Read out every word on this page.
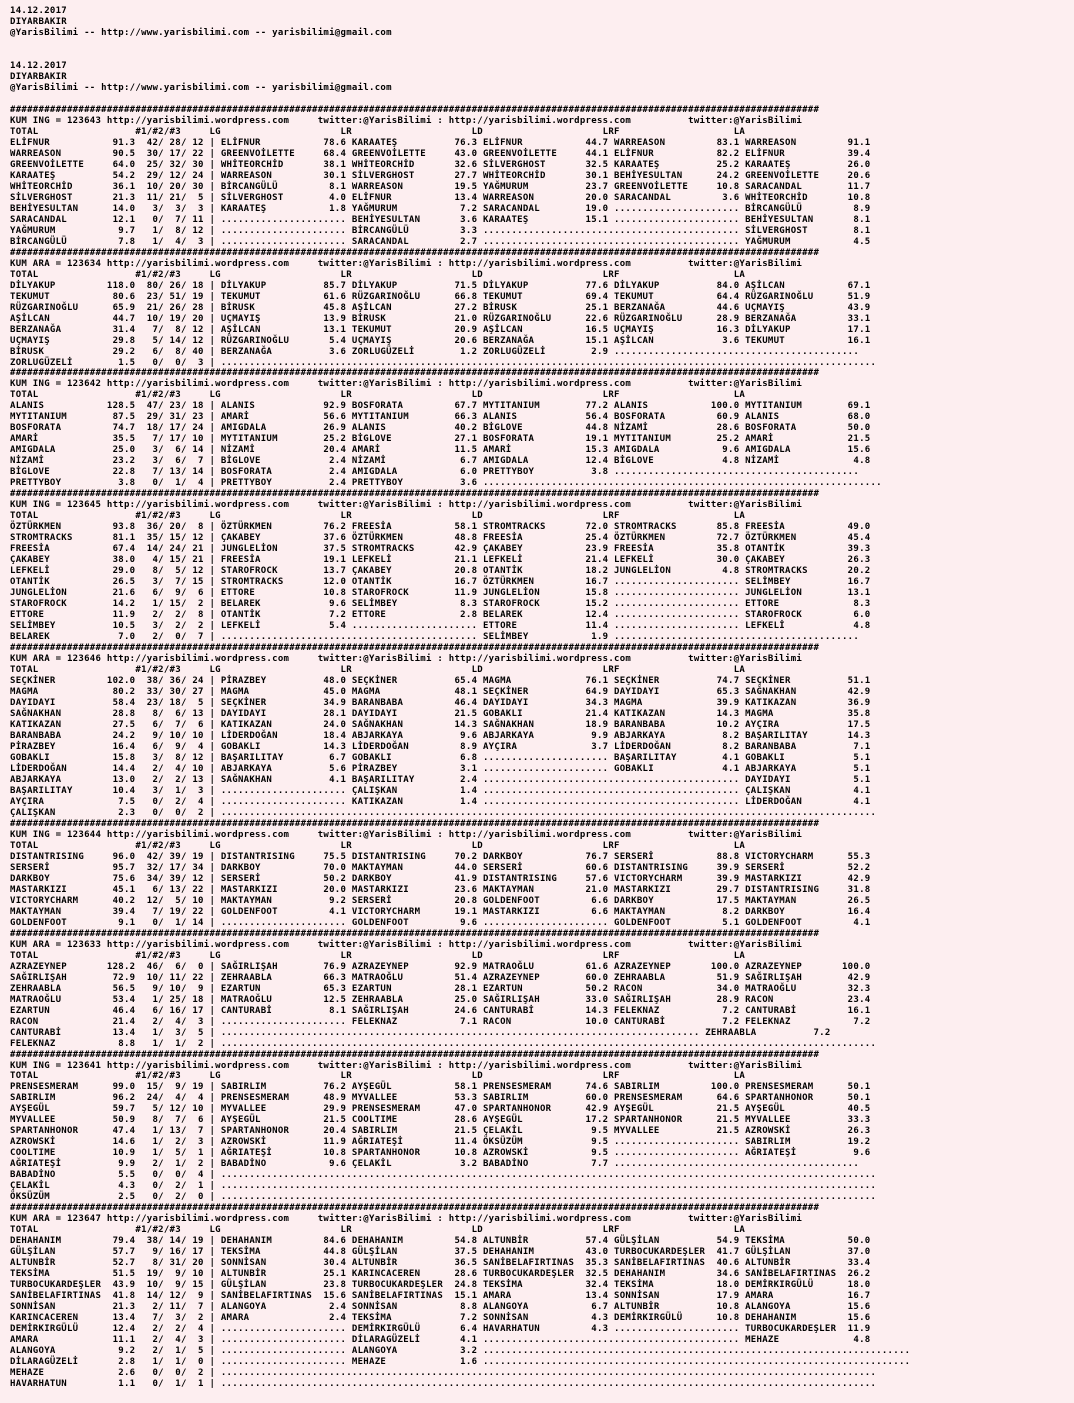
14.12.2017
DIYARBAKIR
@YarisBilimi -- http://www.yarisbilimi.com -- yarisbilimi@gmail.com

14.12.2017
DIYARBAKIR
@YarisBilimi -- http://www.yarisbilimi.com -- yarisbilimi@gmail.com

##############################################################################################################################################
KUM ING = 123643 http://yarisbilimi.wordpress.com     twitter:@YarisBilimi : http://yarisbilimi.wordpress.com          twitter:@YarisBilimi
TOTAL                 #1/#2/#3     LG                     LR                     LD                     LRF                    LA
ELİFNUR           91.3  42/ 28/ 12 | ELİFNUR           78.6 KARAATEŞ          76.3 ELİFNUR           44.7 WARREASON         83.1 WARREASON         91.1
WARREASON         90.5  30/ 17/ 22 | GREENVOİLETTE     68.4 GREENVOİLETTE     43.0 GREENVOİLETTE     44.1 ELİFNUR           82.2 ELİFNUR           39.4
GREENVOİLETTE     64.0  25/ 32/ 30 | WHİTEORCHİD       38.1 WHİTEORCHİD       32.6 SİLVERGHOST       32.5 KARAATEŞ          25.2 KARAATEŞ          26.0
KARAATEŞ          54.2  29/ 12/ 24 | WARREASON         30.1 SİLVERGHOST       27.7 WHİTEORCHİD       30.1 BEHİYESULTAN      24.2 GREENVOİLETTE     20.6
WHİTEORCHİD       36.1  10/ 20/ 30 | BİRCANGÜLÜ         8.1 WARREASON         19.5 YAĞMURUM          23.7 GREENVOİLETTE     10.8 SARACANDAL        11.7
SİLVERGHOST       21.3  11/ 21/  5 | SİLVERGHOST        4.0 ELİFNUR           13.4 WARREASON         20.0 SARACANDAL         3.6 WHİTEORCHİD       10.8
BEHİYESULTAN      14.0   3/  3/  3 | KARAATEŞ           1.8 YAĞMURUM           7.2 SARACANDAL        19.0 ...................... BİRCANGÜLÜ         8.9
SARACANDAL        12.1   0/  7/ 11 | ...................... BEHİYESULTAN       3.6 KARAATEŞ          15.1 ...................... BEHİYESULTAN       8.1
YAĞMURUM           9.7   1/  8/ 12 | ...................... BİRCANGÜLÜ         3.3 ............................................. SİLVERGHOST        8.1
BİRCANGÜLÜ         7.8   1/  4/  3 | ...................... SARACANDAL         2.7 ............................................. YAĞMURUM           4.5
##############################################################################################################################################
KUM ARA = 123634 http://yarisbilimi.wordpress.com     twitter:@YarisBilimi : http://yarisbilimi.wordpress.com          twitter:@YarisBilimi
TOTAL                 #1/#2/#3     LG                     LR                     LD                     LRF                    LA
DİLYAKUP         118.0  80/ 26/ 18 | DİLYAKUP          85.7 DİLYAKUP          71.5 DİLYAKUP          77.6 DİLYAKUP          84.0 AŞİLCAN           67.1
TEKUMUT           80.6  23/ 51/ 19 | TEKUMUT           61.6 RÜZGARINOĞLU      66.8 TEKUMUT           69.4 TEKUMUT           64.4 RÜZGARINOĞLU      51.9
RÜZGARINOĞLU      65.9  21/ 26/ 28 | BİRUSK            45.8 AŞİLCAN           27.2 BİRUSK            25.1 BERZANAĞA         44.6 UÇMAYIŞ           43.9
AŞİLCAN           44.7  10/ 19/ 20 | UÇMAYIŞ           13.9 BİRUSK            21.0 RÜZGARINOĞLU      22.6 RÜZGARINOĞLU      28.9 BERZANAĞA         33.1
BERZANAĞA         31.4   7/  8/ 12 | AŞİLCAN           13.1 TEKUMUT           20.9 AŞİLCAN           16.5 UÇMAYIŞ           16.3 DİLYAKUP          17.1
UÇMAYIŞ           29.8   5/ 14/ 12 | RÜZGARINOĞLU       5.4 UÇMAYIŞ           20.6 BERZANAĞA         15.1 AŞİLCAN            3.6 TEKUMUT           16.1
BİRUSK            29.2   6/  8/ 40 | BERZANAĞA          3.6 ZORLUGÜZELİ        1.2 ZORLUGÜZELİ        2.9 ...........................................
ZORLUGÜZELİ        1.5   0/  0/  3 | ...................................................................................................................
##############################################################################################################################################
KUM ING = 123642 http://yarisbilimi.wordpress.com     twitter:@YarisBilimi : http://yarisbilimi.wordpress.com          twitter:@YarisBilimi
TOTAL                 #1/#2/#3     LG                     LR                     LD                     LRF                    LA
ALANIS           128.5  47/ 23/ 18 | ALANIS            92.9 BOSFORATA         67.7 MYTITANIUM        77.2 ALANIS           100.0 MYTITANIUM        69.1
MYTITANIUM        87.5  29/ 31/ 23 | AMARİ             56.6 MYTITANIUM        66.3 ALANIS            56.4 BOSFORATA         60.9 ALANIS            68.0
BOSFORATA         74.7  18/ 17/ 24 | AMIGDALA          26.9 ALANIS            40.2 BİGLOVE           44.8 NİZAMİ            28.6 BOSFORATA         50.0
AMARİ             35.5   7/ 17/ 10 | MYTITANIUM        25.2 BİGLOVE           27.1 BOSFORATA         19.1 MYTITANIUM        25.2 AMARİ             21.5
AMIGDALA          25.0   3/  6/ 14 | NİZAMİ            20.4 AMARİ             11.5 AMARİ             15.3 AMIGDALA           9.6 AMIGDALA          15.6
NİZAMİ            23.2   3/  6/  7 | BİGLOVE            2.4 NİZAMİ             6.7 AMIGDALA          12.4 BİGLOVE            4.8 NİZAMİ             4.8
BİGLOVE           22.8   7/ 13/ 14 | BOSFORATA          2.4 AMIGDALA           6.0 PRETTYBOY          3.8 ...........................................
PRETTYBOY          3.8   0/  1/  4 | PRETTYBOY          2.4 PRETTYBOY          3.6 ......................................................................
##############################################################################################################################################
KUM ING = 123645 http://yarisbilimi.wordpress.com     twitter:@YarisBilimi : http://yarisbilimi.wordpress.com          twitter:@YarisBilimi
TOTAL                 #1/#2/#3     LG                     LR                     LD                     LRF                    LA
ÖZTÜRKMEN         93.8  36/ 20/  8 | ÖZTÜRKMEN         76.2 FREESİA           58.1 STROMTRACKS       72.0 STROMTRACKS       85.8 FREESİA           49.0
STROMTRACKS       81.1  35/ 15/ 12 | ÇAKABEY           37.6 ÖZTÜRKMEN         48.8 FREESİA           25.4 ÖZTÜRKMEN         72.7 ÖZTÜRKMEN         45.4
FREESİA           67.4  14/ 24/ 21 | JUNGLELİON        37.5 STROMTRACKS       42.9 ÇAKABEY           23.9 FREESİA           35.8 OTANTİK           39.3
ÇAKABEY           38.0   4/ 15/ 21 | FREESİA           19.1 LEFKELİ           21.1 LEFKELİ           21.4 LEFKELİ           30.0 ÇAKABEY           26.3
LEFKELİ           29.0   8/  5/ 12 | STAROFROCK        13.7 ÇAKABEY           20.8 OTANTİK           18.2 JUNGLELİON         4.8 STROMTRACKS       20.2
OTANTİK           26.5   3/  7/ 15 | STROMTRACKS       12.0 OTANTİK           16.7 ÖZTÜRKMEN         16.7 ...................... SELİMBEY          16.7
JUNGLELİON        21.6   6/  9/  6 | ETTORE            10.8 STAROFROCK        11.9 JUNGLELİON        15.8 ...................... JUNGLELİON        13.1
STAROFROCK        14.2   1/ 15/  2 | BELAREK            9.6 SELİMBEY           8.3 STAROFROCK        15.2 ...................... ETTORE             8.3
ETTORE            11.9   2/  2/  8 | OTANTİK            7.2 ETTORE             2.8 BELAREK           12.4 ...................... STAROFROCK         6.0
SELİMBEY          10.5   3/  2/  2 | LEFKELİ            5.4 ...................... ETTORE            11.4 ...................... LEFKELİ            4.8
BELAREK            7.0   2/  0/  7 | ............................................. SELİMBEY           1.9 ...........................................
##############################################################################################################################################
KUM ARA = 123646 http://yarisbilimi.wordpress.com     twitter:@YarisBilimi : http://yarisbilimi.wordpress.com          twitter:@YarisBilimi
TOTAL                 #1/#2/#3     LG                     LR                     LD                     LRF                    LA
SEÇKİNER         102.0  38/ 36/ 24 | PİRAZBEY          48.0 SEÇKİNER          65.4 MAGMA             76.1 SEÇKİNER          74.7 SEÇKİNER          51.1
MAGMA             80.2  33/ 30/ 27 | MAGMA             45.0 MAGMA             48.1 SEÇKİNER          64.9 DAYIDAYI          65.3 SAĞNAKHAN         42.9
DAYIDAYI          58.4  23/ 18/  5 | SEÇKİNER          34.9 BARANBABA         46.4 DAYIDAYI          34.3 MAGMA             39.9 KATIKAZAN         36.9
SAĞNAKHAN         28.8   8/  6/ 13 | DAYIDAYI          28.1 DAYIDAYI          21.5 GOBAKLI           21.4 KATIKAZAN         14.3 MAGMA             35.8
KATIKAZAN         27.5   6/  7/  6 | KATIKAZAN         24.0 SAĞNAKHAN         14.3 SAĞNAKHAN         18.9 BARANBABA         10.2 AYÇIRA            17.5
BARANBABA         24.2   9/ 10/ 10 | LİDERDOĞAN        18.4 ABJARKAYA          9.6 ABJARKAYA          9.9 ABJARKAYA          8.2 BAŞARILITAY       14.3
PİRAZBEY          16.4   6/  9/  4 | GOBAKLI           14.3 LİDERDOĞAN         8.9 AYÇIRA             3.7 LİDERDOĞAN         8.2 BARANBABA          7.1
GOBAKLI           15.8   3/  8/ 12 | BAŞARILITAY        6.7 GOBAKLI            6.8 ...................... BAŞARILITAY        4.1 GOBAKLI            5.1
LİDERDOĞAN        14.4   2/  4/ 10 | ABJARKAYA          5.6 PİRAZBEY           3.1 ...................... GOBAKLI            4.1 ABJARKAYA          5.1
ABJARKAYA         13.0   2/  2/ 13 | SAĞNAKHAN          4.1 BAŞARILITAY        2.4 ............................................. DAYIDAYI           5.1
BAŞARILITAY       10.4   3/  1/  3 | ...................... ÇALIŞKAN           1.4 ............................................. ÇALIŞKAN           4.1
AYÇIRA             7.5   0/  2/  4 | ...................... KATIKAZAN          1.4 ............................................. LİDERDOĞAN         4.1
ÇALIŞKAN           2.3   0/  0/  2 | ...................................................................................................................
##############################################################################################################################################
KUM ING = 123644 http://yarisbilimi.wordpress.com     twitter:@YarisBilimi : http://yarisbilimi.wordpress.com          twitter:@YarisBilimi
TOTAL                 #1/#2/#3     LG                     LR                     LD                     LRF                    LA
DISTANTRISING     96.0  42/ 39/ 19 | DISTANTRISING     75.5 DISTANTRISING     70.2 DARKBOY           76.7 SERSERİ           88.8 VICTORYCHARM      55.3
SERSERİ           95.7  32/ 17/ 34 | DARKBOY           70.0 MAKTAYMAN         44.0 SERSERİ           60.6 DISTANTRISING     39.9 SERSERİ           52.2
DARKBOY           75.6  34/ 39/ 12 | SERSERİ           50.2 DARKBOY           41.9 DISTANTRISING     57.6 VICTORYCHARM      39.9 MASTARKIZI        42.9
MASTARKIZI        45.1   6/ 13/ 22 | MASTARKIZI        20.0 MASTARKIZI        23.6 MAKTAYMAN         21.0 MASTARKIZI        29.7 DISTANTRISING     31.8
VICTORYCHARM      40.2  12/  5/ 10 | MAKTAYMAN          9.2 SERSERİ           20.8 GOLDENFOOT         6.6 DARKBOY           17.5 MAKTAYMAN         26.5
MAKTAYMAN         39.4   7/ 19/ 22 | GOLDENFOOT         4.1 VICTORYCHARM      19.1 MASTARKIZI         6.6 MAKTAYMAN          8.2 DARKBOY           16.4
GOLDENFOOT         9.1   0/  1/ 14 | ...................... GOLDENFOOT         9.6 ...................... GOLDENFOOT         5.1 GOLDENFOOT         4.1
##############################################################################################################################################
KUM ARA = 123633 http://yarisbilimi.wordpress.com     twitter:@YarisBilimi : http://yarisbilimi.wordpress.com          twitter:@YarisBilimi
TOTAL                 #1/#2/#3     LG                     LR                     LD                     LRF                    LA
AZRAZEYNEP       128.2  46/  6/  0 | SAĞIRLIŞAH        76.9 AZRAZEYNEP        92.9 MATRAOĞLU         61.6 AZRAZEYNEP       100.0 AZRAZEYNEP       100.0
SAĞIRLIŞAH        72.9  10/ 11/ 22 | ZEHRAABLA         66.3 MATRAOĞLU         51.4 AZRAZEYNEP        60.0 ZEHRAABLA         51.9 SAĞIRLIŞAH        42.9
ZEHRAABLA         56.5   9/ 10/  9 | EZARTUN           65.3 EZARTUN           28.1 EZARTUN           50.2 RACON             34.0 MATRAOĞLU         32.3
MATRAOĞLU         53.4   1/ 25/ 18 | MATRAOĞLU         12.5 ZEHRAABLA         25.0 SAĞIRLIŞAH        33.0 SAĞIRLIŞAH        28.9 RACON             23.4
EZARTUN           46.4   6/ 16/ 17 | CANTURABİ          8.1 SAĞIRLIŞAH        24.6 CANTURABİ         14.3 FELEKNAZ           7.2 CANTURABİ         16.1
RACON             21.4   2/  4/  3 | ...................... FELEKNAZ           7.1 RACON             10.0 CANTURABİ          7.2 FELEKNAZ           7.2
CANTURABİ         13.4   1/  3/  5 | .................................................................................... ZEHRAABLA          7.2
FELEKNAZ           8.8   1/  1/  2 | ...................................................................................................................
##############################################################################################################################################
KUM ING = 123641 http://yarisbilimi.wordpress.com     twitter:@YarisBilimi : http://yarisbilimi.wordpress.com          twitter:@YarisBilimi
TOTAL                 #1/#2/#3     LG                     LR                     LD                     LRF                    LA
PRENSESMERAM      99.0  15/  9/ 19 | SABIRLIM          76.2 AYŞEGÜL           58.1 PRENSESMERAM      74.6 SABIRLIM         100.0 PRENSESMERAM      50.1
SABIRLIM          96.2  24/  4/  4 | PRENSESMERAM      48.9 MYVALLEE          53.3 SABIRLIM          60.0 PRENSESMERAM      64.6 SPARTANHONOR      50.1
AYŞEGÜL           59.7   5/ 12/ 10 | MYVALLEE          29.9 PRENSESMERAM      47.0 SPARTANHONOR      42.9 AYŞEGÜL           21.5 AYŞEGÜL           40.5
MYVALLEE          50.9   8/  7/  6 | AYŞEGÜL           21.5 COOLTIME          28.6 AYŞEGÜL           17.2 SPARTANHONOR      21.5 MYVALLEE          33.3
SPARTANHONOR      47.4   1/ 13/  7 | SPARTANHONOR      20.4 SABIRLIM          21.5 ÇELAKİL            9.5 MYVALLEE          21.5 AZROWSKİ          26.3
AZROWSKİ          14.6   1/  2/  3 | AZROWSKİ          11.9 AĞRIATEŞİ         11.4 ÖKSÜZÜM            9.5 ...................... SABIRLIM          19.2
COOLTIME          10.9   1/  5/  1 | AĞRIATEŞİ         10.8 SPARTANHONOR      10.8 AZROWSKİ           9.5 ...................... AĞRIATEŞİ          9.6
AĞRIATEŞİ          9.9   2/  1/  2 | BABADİNO           9.6 ÇELAKİL            3.2 BABADİNO           7.7 ...........................................
BABADİNO           5.5   0/  0/  4 | ...................................................................................................................
ÇELAKİL            4.3   0/  2/  1 | ...................................................................................................................
ÖKSÜZÜM            2.5   0/  2/  0 | ...................................................................................................................
##############################################################################################################################################
KUM ARA = 123647 http://yarisbilimi.wordpress.com     twitter:@YarisBilimi : http://yarisbilimi.wordpress.com          twitter:@YarisBilimi
TOTAL                 #1/#2/#3     LG                     LR                     LD                     LRF                    LA
DEHAHANIM         79.4  38/ 14/ 19 | DEHAHANIM         84.6 DEHAHANIM         54.8 ALTUNBİR          57.4 GÜLŞİLAN          54.9 TEKSİMA           50.0
GÜLŞİLAN          57.7   9/ 16/ 17 | TEKSİMA           44.8 GÜLŞİLAN          37.5 DEHAHANIM         43.0 TURBOCUKARDEŞLER  41.7 GÜLŞİLAN          37.0
ALTUNBİR          52.7   8/ 31/ 20 | SONNİSAN          30.4 ALTUNBİR          36.5 SANİBELAFIRTINAS  35.3 SANİBELAFIRTINAS  40.6 ALTUNBİR          33.4
TEKSİMA           51.5  19/  9/ 10 | ALTUNBİR          25.1 KARINCACEREN      28.6 TURBOCUKARDEŞLER  32.5 DEHAHANIM         34.6 SANİBELAFIRTINAS  26.2
TURBOCUKARDEŞLER  43.9  10/  9/ 15 | GÜLŞİLAN          23.8 TURBOCUKARDEŞLER  24.8 TEKSİMA           32.4 TEKSİMA           18.0 DEMİRKIRGÜLÜ      18.0
SANİBELAFIRTINAS  41.8  14/ 12/  9 | SANİBELAFIRTINAS  15.6 SANİBELAFIRTINAS  15.1 AMARA             13.4 SONNİSAN          17.9 AMARA             16.7
SONNİSAN          21.3   2/ 11/  7 | ALANGOYA           2.4 SONNİSAN           8.8 ALANGOYA           6.7 ALTUNBİR          10.8 ALANGOYA          15.6
KARINCACEREN      13.4   7/  3/  2 | AMARA              2.4 TEKSİMA            7.2 SONNİSAN           4.3 DEMİRKIRGÜLÜ      10.8 DEHAHANIM         15.6
DEMİRKIRGÜLÜ      12.4   2/  2/  4 | ...................... DEMİRKIRGÜLÜ       6.4 HAVARHATUN         4.3 ...................... TURBOCUKARDEŞLER  11.9
AMARA             11.1   2/  4/  3 | ...................... DİLARAGÜZELİ       4.1 ............................................. MEHAZE             4.8
ALANGOYA           9.2   2/  1/  5 | ...................... ALANGOYA           3.2 ...........................................................................
DİLARAGÜZELİ       2.8   1/  1/  0 | ...................... MEHAZE             1.6 ...........................................................................
MEHAZE             2.6   0/  0/  2 | ...................................................................................................................
HAVARHATUN         1.1   0/  1/  1 | ...................................................................................................................
